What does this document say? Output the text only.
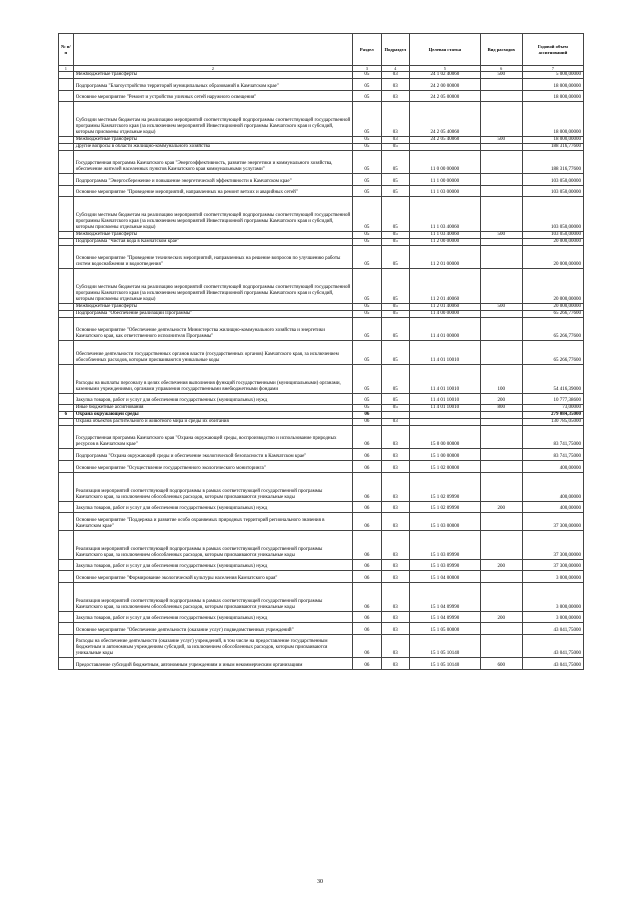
№ п/п		Раздел	Подраздел	Целевая статья	Вид расходов	Годовой объем ассигнований
1	2	3	4	5	6	7
	Межбюджетные трансферты	05	03	24 1 02 40060	500	5 000,00000
	Подпрограмма "Благоустройство территорий муниципальных образований в Камчатском крае"	05	03	24 2 00 00000		18 000,00000
	Основное мероприятие "Ремонт и устройство уличных сетей наружного освещения"	05	03	24 2 05 00000		18 000,00000
	Субсидии местным бюджетам на реализацию мероприятий соответствующей подпрограммы соответствующей государственной программы Камчатского края (за исключением мероприятий Инвестиционной программы Камчатского края и субсидий, которым присвоены отдельные коды)	05	03	24 2 05 40060		18 000,00000
	Межбюджетные трансферты	05	03	24 2 05 40060	500	18 000,00000
	Другие вопросы в области жилищно-коммунального хозяйства	05	05			188 316,77600
	Государственная программа Камчатского края "Энергоэффективность, развитие энергетики и коммунального хозяйства, обеспечение жителей населенных пунктов Камчатского края коммунальными услугами"	05	05	11 0 00 00000		188 316,77600
	Подпрограмма "Энергосбережение и повышение энергетической эффективности в Камчатском крае"	05	05	11 1 00 00000		103 050,00000
	Основное мероприятие "Проведение мероприятий, направленных на ремонт ветхих и аварийных сетей"	05	05	11 1 03 00000		103 050,00000
	Субсидии местным бюджетам на реализацию мероприятий соответствующей подпрограммы соответствующей государственной программы Камчатского края (за исключением мероприятий Инвестиционной программы Камчатского края и субсидий, которым присвоены отдельные коды)	05	05	11 1 03 40060		103 050,00000
	Межбюджетные трансферты	05	05	11 1 03 40060	500	103 050,00000
	Подпрограмма "Чистая вода в Камчатском крае"	05	05	11 2 00 00000		20 000,00000
	Основное мероприятие "Проведение технических мероприятий, направленных на решение вопросов по улучшению работы систем водоснабжения и водоотведения"	05	05	11 2 01 00000		20 000,00000
	Субсидии местным бюджетам на реализацию мероприятий соответствующей подпрограммы соответствующей государственной программы Камчатского края (за исключением мероприятий Инвестиционной программы Камчатского края и субсидий, которым присвоены отдельные коды)	05	05	11 2 01 40060		20 000,00000
	Межбюджетные трансферты	05	05	11 2 01 40060	500	20 000,00000
	Подпрограмма "Обеспечение реализации Программы"	05	05	11 4 00 00000		65 266,77600
	Основное мероприятие "Обеспечение деятельности Министерства жилищно-коммунального хозяйства и энергетики Камчатского края, как ответственного исполнителя Программы"	05	05	11 4 01 00000		65 266,77600
	Обеспечение деятельности государственных органов власти (государственных органов) Камчатского края, за исключением обособленных расходов, которым присваиваются уникальные коды	05	05	11 4 01 10010		65 266,77600
	Расходы на выплаты персоналу в целях обеспечения выполнения функций государственными (муниципальными) органами, казенными учреждениями, органами управления государственными внебюджетными фондами	05	05	11 4 01 10010	100	54 416,39000
	Закупка товаров, работ и услуг для обеспечения государственных (муниципальных) нужд	05	05	11 4 01 10010	200	10 777,38600
	Иные бюджетные ассигнования	05	05	11 4 01 10010	800	73,00000
6	Охрана окружающей среды	06				279 084,35000
	Охрана объектов растительного и животного мира и среды их обитания	06	03			130 785,05000
	Государственная программа Камчатского края "Охрана окружающей среды, воспроизводство и использование природных ресурсов в Камчатском крае"	06	03	15 0 00 00000		83 741,75000
	Подпрограмма "Охрана окружающей среды и обеспечение экологической безопасности в Камчатском крае"	06	03	15 1 00 00000		83 741,75000
	Основное мероприятие "Осуществление государственного экологического мониторинга"	06	03	15 1 02 00000		400,00000
	Реализация мероприятий соответствующей подпрограммы в рамках соответствующей государственной программы Камчатского края, за исключением обособленных расходов, которым присваиваются уникальные коды	06	03	15 1 02 09990		400,00000
	Закупка товаров, работ и услуг для обеспечения государственных (муниципальных) нужд	06	03	15 1 02 09990	200	400,00000
	Основное мероприятие "Поддержка и развитие особо охраняемых природных территорий регионального значения в Камчатском крае"	06	03	15 1 03 00000		37 300,00000
	Реализация мероприятий соответствующей подпрограммы в рамках соответствующей государственной программы Камчатского края, за исключением обособленных расходов, которым присваиваются уникальные коды	06	03	15 1 03 09990		37 300,00000
	Закупка товаров, работ и услуг для обеспечения государственных (муниципальных) нужд	06	03	15 1 03 09990	200	37 300,00000
	Основное мероприятие "Формирование экологической культуры населения Камчатского края"	06	03	15 1 04 00000		3 000,00000
	Реализация мероприятий соответствующей подпрограммы в рамках соответствующей государственной программы Камчатского края, за исключением обособленных расходов, которым присваиваются уникальные коды	06	03	15 1 04 09990		3 000,00000
	Закупка товаров, работ и услуг для обеспечения государственных (муниципальных) нужд	06	03	15 1 04 09990	200	3 000,00000
	Основное мероприятие "Обеспечение деятельности (оказание услуг) подведомственных учреждений"	06	03	15 1 05 00000		43 041,75000
	Расходы на обеспечение деятельности (оказание услуг) учреждений, в том числе на предоставление государственным бюджетным и автономным учреждениям субсидий, за исключением обособленных расходов, которым присваиваются уникальные коды	06	03	15 1 05 10140		43 041,75000
	Предоставление субсидий бюджетным, автономным учреждениям и иным некоммерческим организациям	06	03	15 1 05 10140	600	43 041,75000
30
